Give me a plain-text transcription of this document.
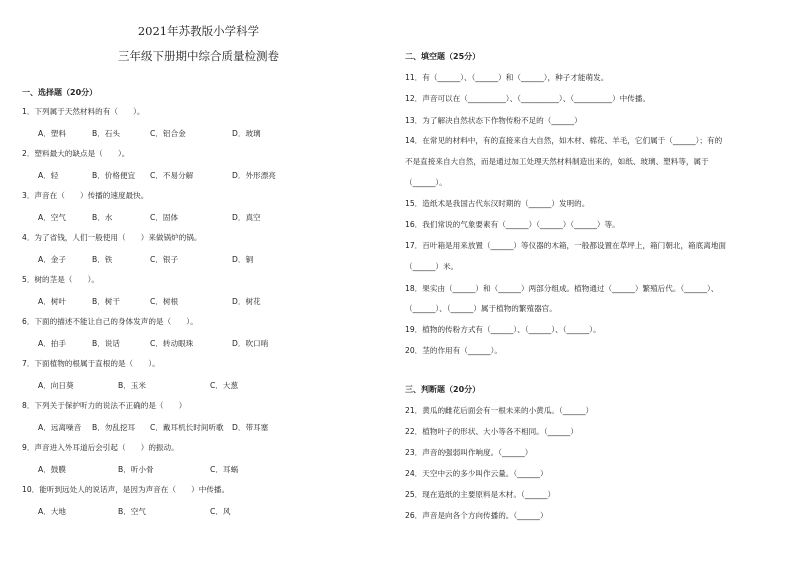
2021年苏教版小学科学
三年级下册期中综合质量检测卷
一、选择题（20分）
1．下列属于天然材料的有（　　）。
A．塑料	B．石头	C．铝合金	D．玻璃
2．塑料最大的缺点是（　　）。
A．轻	B．价格便宜 C．不易分解	D．外形漂亮
3．声音在（　　）传播的速度最快。
A．空气	B．水	C．固体	D．真空
4．为了省钱，人们一般使用（　　）来做锅炉的锅。
A．金子	B．铁	C．银子	D．铜
5．树的茎是（　　）。
A．树叶	B．树干	C．树根	D．树花
6．下面的描述不能让自己的身体发声的是（　　）。
A．拍手	B．说话	C．转动眼珠	D．吹口哨
7．下面植物的根属于直根的是（　　）。
A．向日葵	B．玉米	C．大葱
8．下列关于保护听力的说法不正确的是（　　）
A．远离噪音 B．勿乱挖耳 C．戴耳机长时间听歌 D．带耳塞
9．声音进入外耳道后会引起（　　）的振动。
A．鼓膜	B．听小骨	C．耳蜗
10．能听到远处人的说话声，是因为声音在（　　）中传播。
A．大地	B．空气	C．风
二、填空题（25分）
11．有（______）、（______）和（______），种子才能萌发。
12．声音可以在（__________）、（__________）、（__________）中传播。
13．为了解决自然状态下作物传粉不足的（______）
14．在常见的材料中，有的直接来自大自然，如木材、棉花、羊毛，它们属于（______）；有的
不是直接来自大自然，而是通过加工处理天然材料制造出来的，如纸、玻璃、塑料等，属于
（______）。
15．造纸术是我国古代东汉时期的（______）发明的。
16．我们常说的气象要素有（______）（______）（______）等。
17．百叶箱是用来放置（______）等仪器的木箱，一般都设置在草坪上，箱门朝北，箱底离地面
（______）米。
18．果实由（______）和（______）两部分组成。植物通过（______）繁殖后代。（______）、
（______）、（______）属于植物的繁殖器官。
19．植物的传粉方式有（______）、（______）、（______）。
20．茎的作用有（______）。
三、判断题（20分）
21．黄瓜的雌花后面会有一根未来的小黄瓜。（______）
22．植物叶子的形状、大小等各不相同。（______）
23．声音的强弱叫作响度。（______）
24．天空中云的多少叫作云量。（______）
25．现在造纸的主要原料是木材。（______）
26．声音是向各个方向传播的。（______）
